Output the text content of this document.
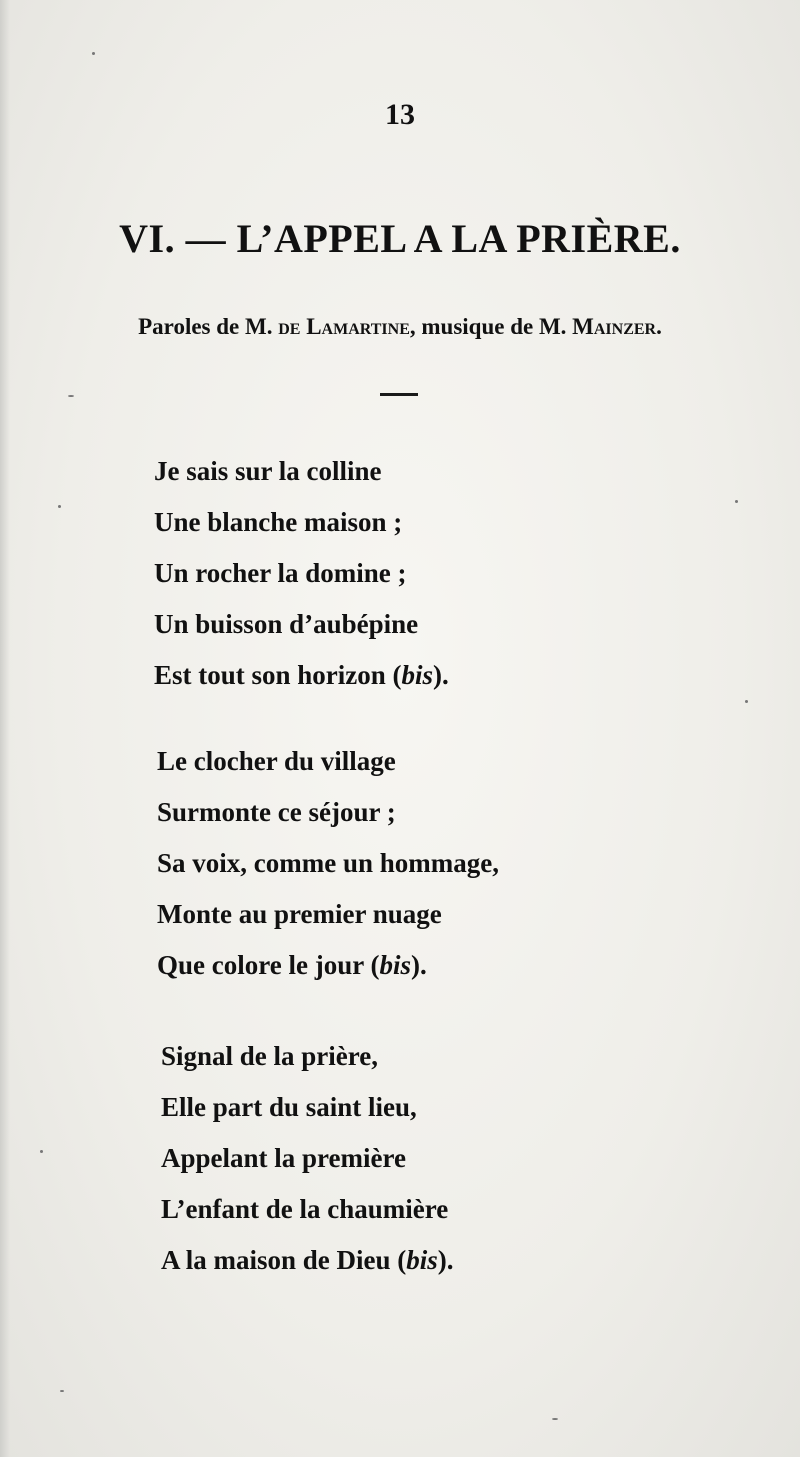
13
VI. — L’APPEL A LA PRIÈRE.
Paroles de M. de Lamartine, musique de M. Mainzer.
Je sais sur la colline
Une blanche maison ;
Un rocher la domine ;
Un buisson d’aubépine
Est tout son horizon (bis).
Le clocher du village
Surmonte ce séjour ;
Sa voix, comme un hommage,
Monte au premier nuage
Que colore le jour (bis).
Signal de la prière,
Elle part du saint lieu,
Appelant la première
L’enfant de la chaumière
A la maison de Dieu (bis).
